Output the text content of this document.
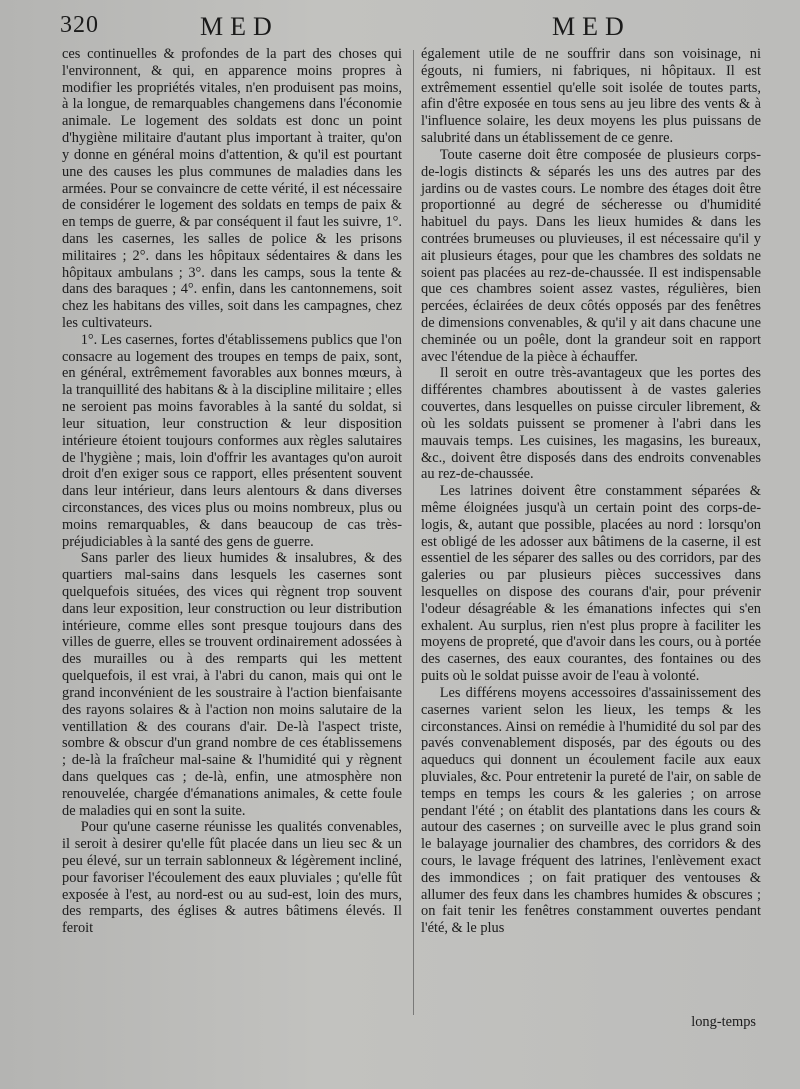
320	MED	MED

ces continuelles & profondes de la part des choses qui l'environnent, & qui, en apparence moins propres à modifier les propriétés vitales, n'en produisent pas moins, à la longue, de remarquables changemens dans l'économie animale. Le logement des soldats est donc un point d'hygiène militaire d'autant plus important à traiter, qu'on y donne en général moins d'attention, & qu'il est pourtant une des causes les plus communes de maladies dans les armées. Pour se convaincre de cette vérité, il est nécessaire de considérer le logement des soldats en temps de paix & en temps de guerre, & par conséquent il faut les suivre, 1°. dans les casernes, les salles de police & les prisons militaires ; 2°. dans les hôpitaux sédentaires & dans les hôpitaux ambulans ; 3°. dans les camps, sous la tente & dans des baraques ; 4°. enfin, dans les cantonnemens, soit chez les habitans des villes, soit dans les campagnes, chez les cultivateurs.

1°. Les casernes, fortes d'établissemens publics que l'on consacre au logement des troupes en temps de paix, sont, en général, extrêmement favorables aux bonnes mœurs, à la tranquillité des habitans & à la discipline militaire ; elles ne seroient pas moins favorables à la santé du soldat, si leur situation, leur construction & leur disposition intérieure étoient toujours conformes aux règles salutaires de l'hygiène ; mais, loin d'offrir les avantages qu'on auroit droit d'en exiger sous ce rapport, elles présentent souvent dans leur intérieur, dans leurs alentours & dans diverses circonstances, des vices plus ou moins nombreux, plus ou moins remarquables, & dans beaucoup de cas très-préjudiciables à la santé des gens de guerre.

Sans parler des lieux humides & insalubres, & des quartiers mal-sains dans lesquels les casernes sont quelquefois situées, des vices qui règnent trop souvent dans leur exposition, leur construction ou leur distribution intérieure, comme elles sont presque toujours dans des villes de guerre, elles se trouvent ordinairement adossées à des murailles ou à des remparts qui les mettent quelquefois, il est vrai, à l'abri du canon, mais qui ont le grand inconvénient de les soustraire à l'action bienfaisante des rayons solaires & à l'action non moins salutaire de la ventillation & des courans d'air. De-là l'aspect triste, sombre & obscur d'un grand nombre de ces établissemens ; de-là la fraîcheur mal-saine & l'humidité qui y règnent dans quelques cas ; de-là, enfin, une atmosphère non renouvelée, chargée d'émanations animales, & cette foule de maladies qui en sont la suite.

Pour qu'une caserne réunisse les qualités convenables, il seroit à desirer qu'elle fût placée dans un lieu sec & un peu élevé, sur un terrain sablonneux & légèrement incliné, pour favoriser l'écoulement des eaux pluviales ; qu'elle fût exposée à l'est, au nord-est ou au sud-est, loin des murs, des remparts, des églises & autres bâtimens élevés. Il feroit

également utile de ne souffrir dans son voisinage, ni égouts, ni fumiers, ni fabriques, ni hôpitaux. Il est extrêmement essentiel qu'elle soit isolée de toutes parts, afin d'être exposée en tous sens au jeu libre des vents & à l'influence solaire, les deux moyens les plus puissans de salubrité dans un établissement de ce genre.

Toute caserne doit être composée de plusieurs corps-de-logis distincts & séparés les uns des autres par des jardins ou de vastes cours. Le nombre des étages doit être proportionné au degré de sécheresse ou d'humidité habituel du pays. Dans les lieux humides & dans les contrées brumeuses ou pluvieuses, il est nécessaire qu'il y ait plusieurs étages, pour que les chambres des soldats ne soient pas placées au rez-de-chaussée. Il est indispensable que ces chambres soient assez vastes, régulières, bien percées, éclairées de deux côtés opposés par des fenêtres de dimensions convenables, & qu'il y ait dans chacune une cheminée ou un poêle, dont la grandeur soit en rapport avec l'étendue de la pièce à échauffer.

Il seroit en outre très-avantageux que les portes des différentes chambres aboutissent à de vastes galeries couvertes, dans lesquelles on puisse circuler librement, & où les soldats puissent se promener à l'abri dans les mauvais temps. Les cuisines, les magasins, les bureaux, &c., doivent être disposés dans des endroits convenables au rez-de-chaussée.

Les latrines doivent être constamment séparées & même éloignées jusqu'à un certain point des corps-de-logis, &, autant que possible, placées au nord : lorsqu'on est obligé de les adosser aux bâtimens de la caserne, il est essentiel de les séparer des salles ou des corridors, par des galeries ou par plusieurs pièces successives dans lesquelles on dispose des courans d'air, pour prévenir l'odeur désagréable & les émanations infectes qui s'en exhalent. Au surplus, rien n'est plus propre à faciliter les moyens de propreté, que d'avoir dans les cours, ou à portée des casernes, des eaux courantes, des fontaines ou des puits où le soldat puisse avoir de l'eau à volonté.

Les différens moyens accessoires d'assainissement des casernes varient selon les lieux, les temps & les circonstances. Ainsi on remédie à l'humidité du sol par des pavés convenablement disposés, par des égouts ou des aqueducs qui donnent un écoulement facile aux eaux pluviales, &c. Pour entretenir la pureté de l'air, on sable de temps en temps les cours & les galeries ; on arrose pendant l'été ; on établit des plantations dans les cours & autour des casernes ; on surveille avec le plus grand soin le balayage journalier des chambres, des corridors & des cours, le lavage fréquent des latrines, l'enlèvement exact des immondices ; on fait pratiquer des ventouses & allumer des feux dans les chambres humides & obscures ; on fait tenir les fenêtres constamment ouvertes pendant l'été, & le plus

long-temps
